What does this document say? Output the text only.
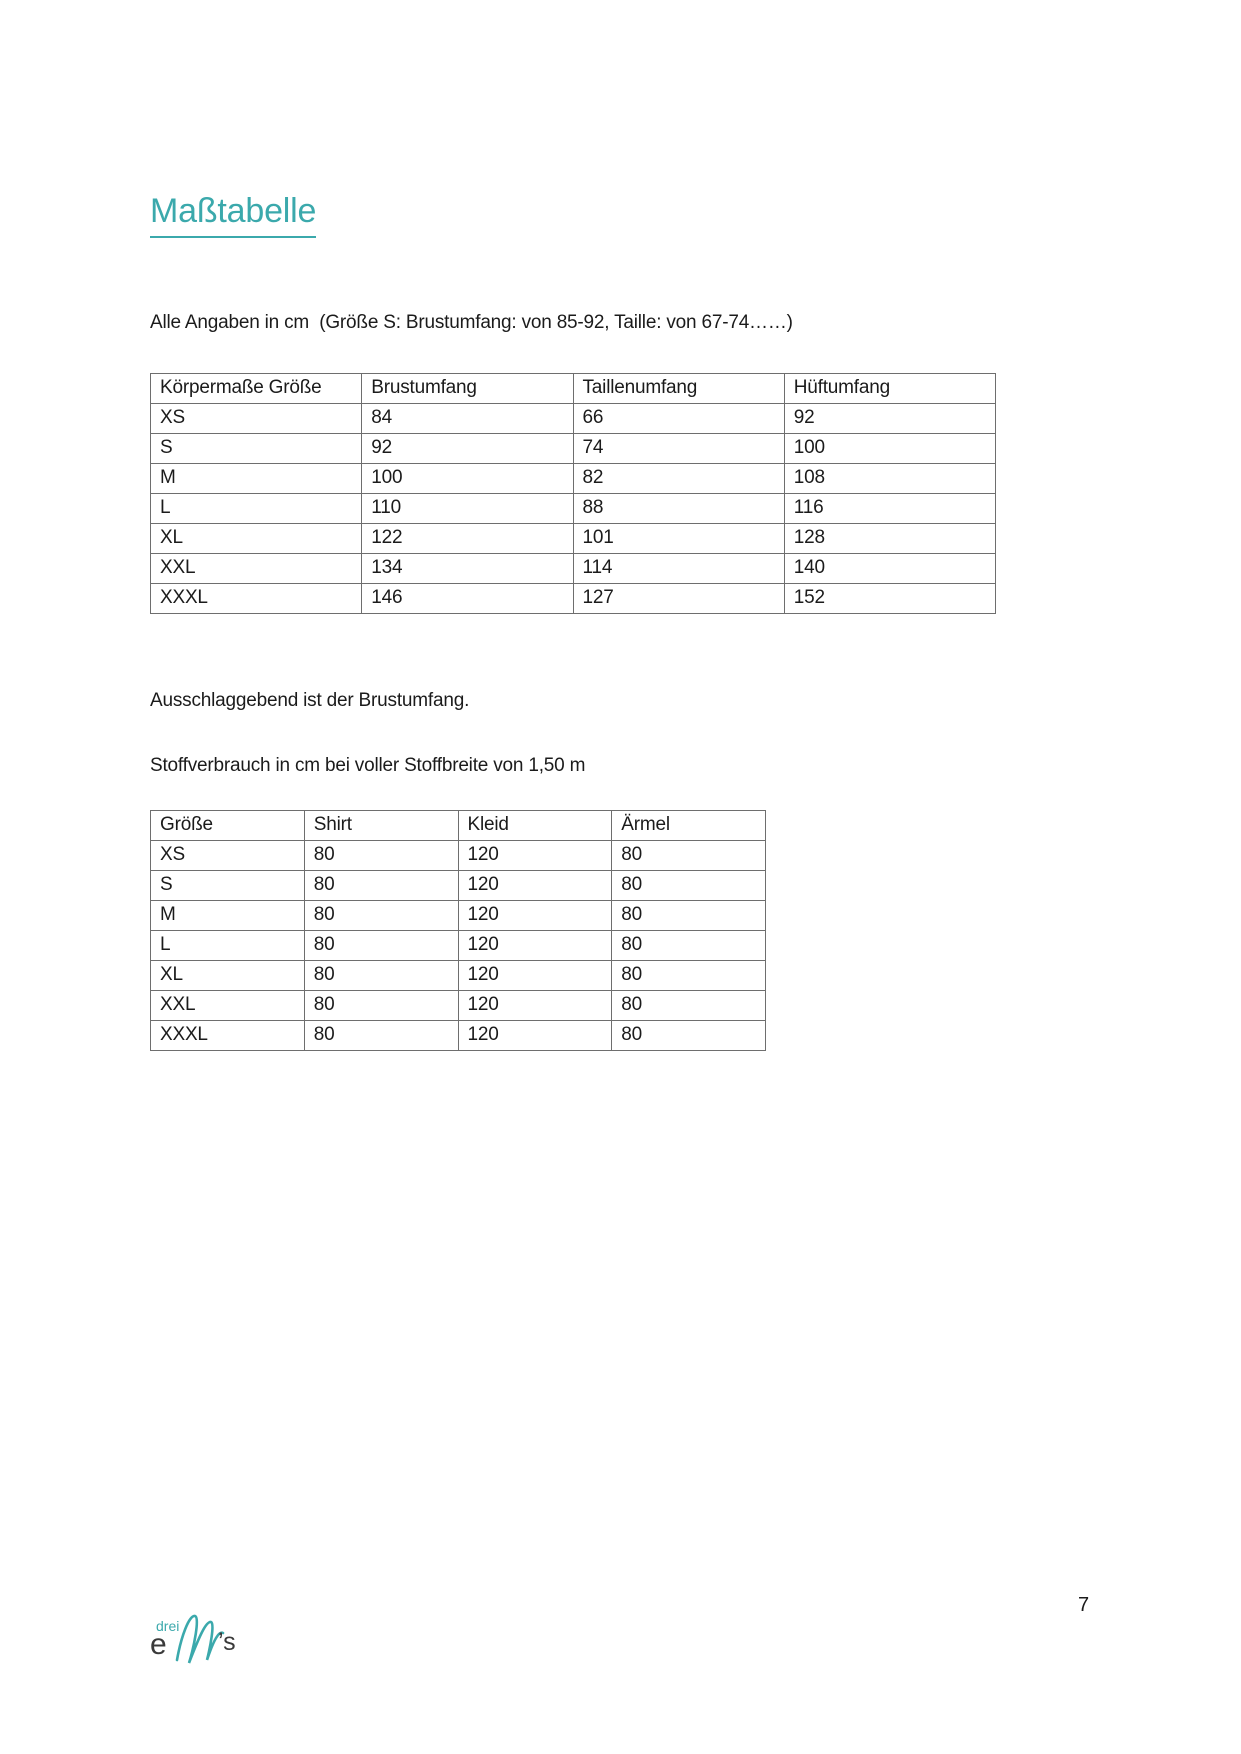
Maßtabelle

Alle Angaben in cm  (Größe S: Brustumfang: von 85-92, Taille: von 67-74……)

Körpermaße Größe	Brustumfang	Taillenumfang	Hüftumfang
XS	84	66	92
S	92	74	100
M	100	82	108
L	110	88	116
XL	122	101	128
XXL	134	114	140
XXXL	146	127	152

Ausschlaggebend ist der Brustumfang.

Stoffverbrauch in cm bei voller Stoffbreite von 1,50 m

Größe	Shirt	Kleid	Ärmel
XS	80	120	80
S	80	120	80
M	80	120	80
L	80	120	80
XL	80	120	80
XXL	80	120	80
XXXL	80	120	80
drei
e ’s
7
